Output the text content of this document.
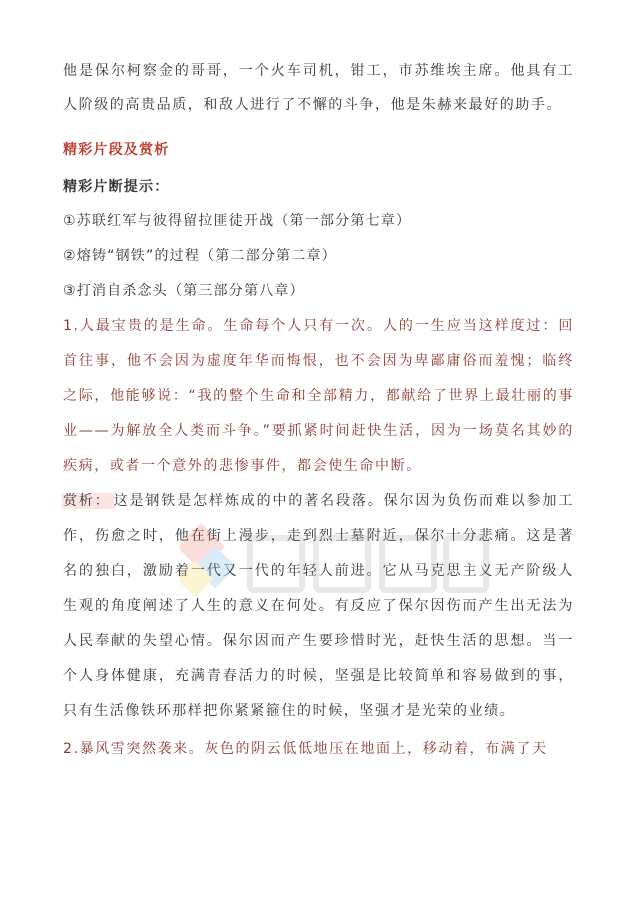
他是保尔柯察金的哥哥，一个火车司机，钳工，市苏维埃主席。他具有工人阶级的高贵品质，和敌人进行了不懈的斗争，他是朱赫来最好的助手。

精彩片段及赏析

精彩片断提示：

①苏联红军与彼得留拉匪徒开战（第一部分第七章）

②熔铸“钢铁”的过程（第二部分第二章）

③打消自杀念头（第三部分第八章）

1.人最宝贵的是生命。生命每个人只有一次。人的一生应当这样度过：回首往事，他不会因为虚度年华而悔恨，也不会因为卑鄙庸俗而羞愧；临终之际，他能够说：“我的整个生命和全部精力，都献给了世界上最壮丽的事业——为解放全人类而斗争。”要抓紧时间赶快生活，因为一场莫名其妙的疾病，或者一个意外的悲惨事件，都会使生命中断。

赏析： 这是钢铁是怎样炼成的中的著名段落。保尔因为负伤而难以参加工作，伤愈之时，他在街上漫步，走到烈士墓附近，保尔十分悲痛。这是著名的独白，激励着一代又一代的年轻人前进。它从马克思主义无产阶级人生观的角度阐述了人生的意义在何处。有反应了保尔因伤而产生出无法为人民奉献的失望心情。保尔因而产生要珍惜时光，赶快生活的思想。当一个人身体健康，充满青春活力的时候，坚强是比较简单和容易做到的事，只有生活像铁环那样把你紧紧箍住的时候，坚强才是光荣的业绩。

2.暴风雪突然袭来。灰色的阴云低低地压在地面上，移动着，布满了天
